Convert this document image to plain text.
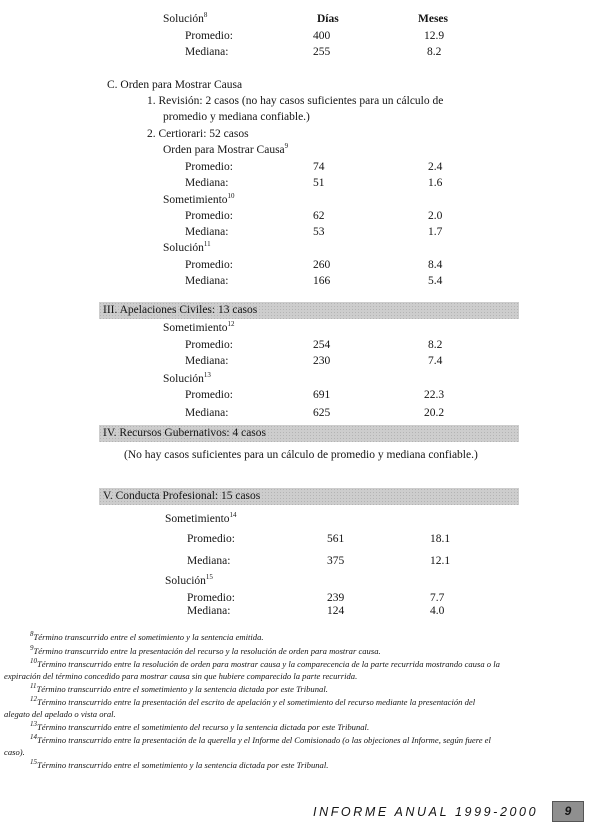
Solución$^8$	Días	Meses
Promedio:	400	12.9
Mediana:	255	8.2
C. Orden para Mostrar Causa
1. Revisión: 2 casos (no hay casos suficientes para un cálculo de
promedio y mediana confiable.)
2. Certiorari: 52 casos
Orden para Mostrar Causa$^9$
Promedio:	74	2.4
Mediana:	51	1.6
Sometimiento$^{10}$
Promedio:	62	2.0
Mediana:	53	1.7
Solución$^{11}$
Promedio:	260	8.4
Mediana:	166	5.4
III. Apelaciones Civiles: 13 casos
Sometimiento$^{12}$
Promedio:	254	8.2
Mediana:	230	7.4
Solución$^{13}$
Promedio:	691	22.3
Mediana:	625	20.2
IV. Recursos Gubernativos: 4 casos
(No hay casos suficientes para un cálculo de promedio y mediana confiable.)
V. Conducta Profesional: 15 casos
Sometimiento$^{14}$
Promedio:	561	18.1
Mediana:	375	12.1
Solución$^{15}$
Promedio:	239	7.7
Mediana:	124	4.0
$^8$Término transcurrido entre el sometimiento y la sentencia emitida.
$^9$Término transcurrido entre la presentación del recurso y la resolución de orden para mostrar causa.
$^{10}$Término transcurrido entre la resolución de orden para mostrar causa y la comparecencia de la parte recurrida mostrando causa o la
expiración del término concedido para mostrar causa sin que hubiere comparecido la parte recurrida.
$^{11}$Término transcurrido entre el sometimiento y la sentencia dictada por este Tribunal.
$^{12}$Término transcurrido entre la presentación del escrito de apelación y el sometimiento del recurso mediante la presentación del
alegato del apelado o vista oral.
$^{13}$Término transcurrido entre el sometimiento del recurso y la sentencia dictada por este Tribunal.
$^{14}$Término transcurrido entre la presentación de la querella y el Informe del Comisionado (o las objeciones al Informe, según fuere el
caso).
$^{15}$Término transcurrido entre el sometimiento y la sentencia dictada por este Tribunal.
INFORME ANUAL 1999-2000	9
